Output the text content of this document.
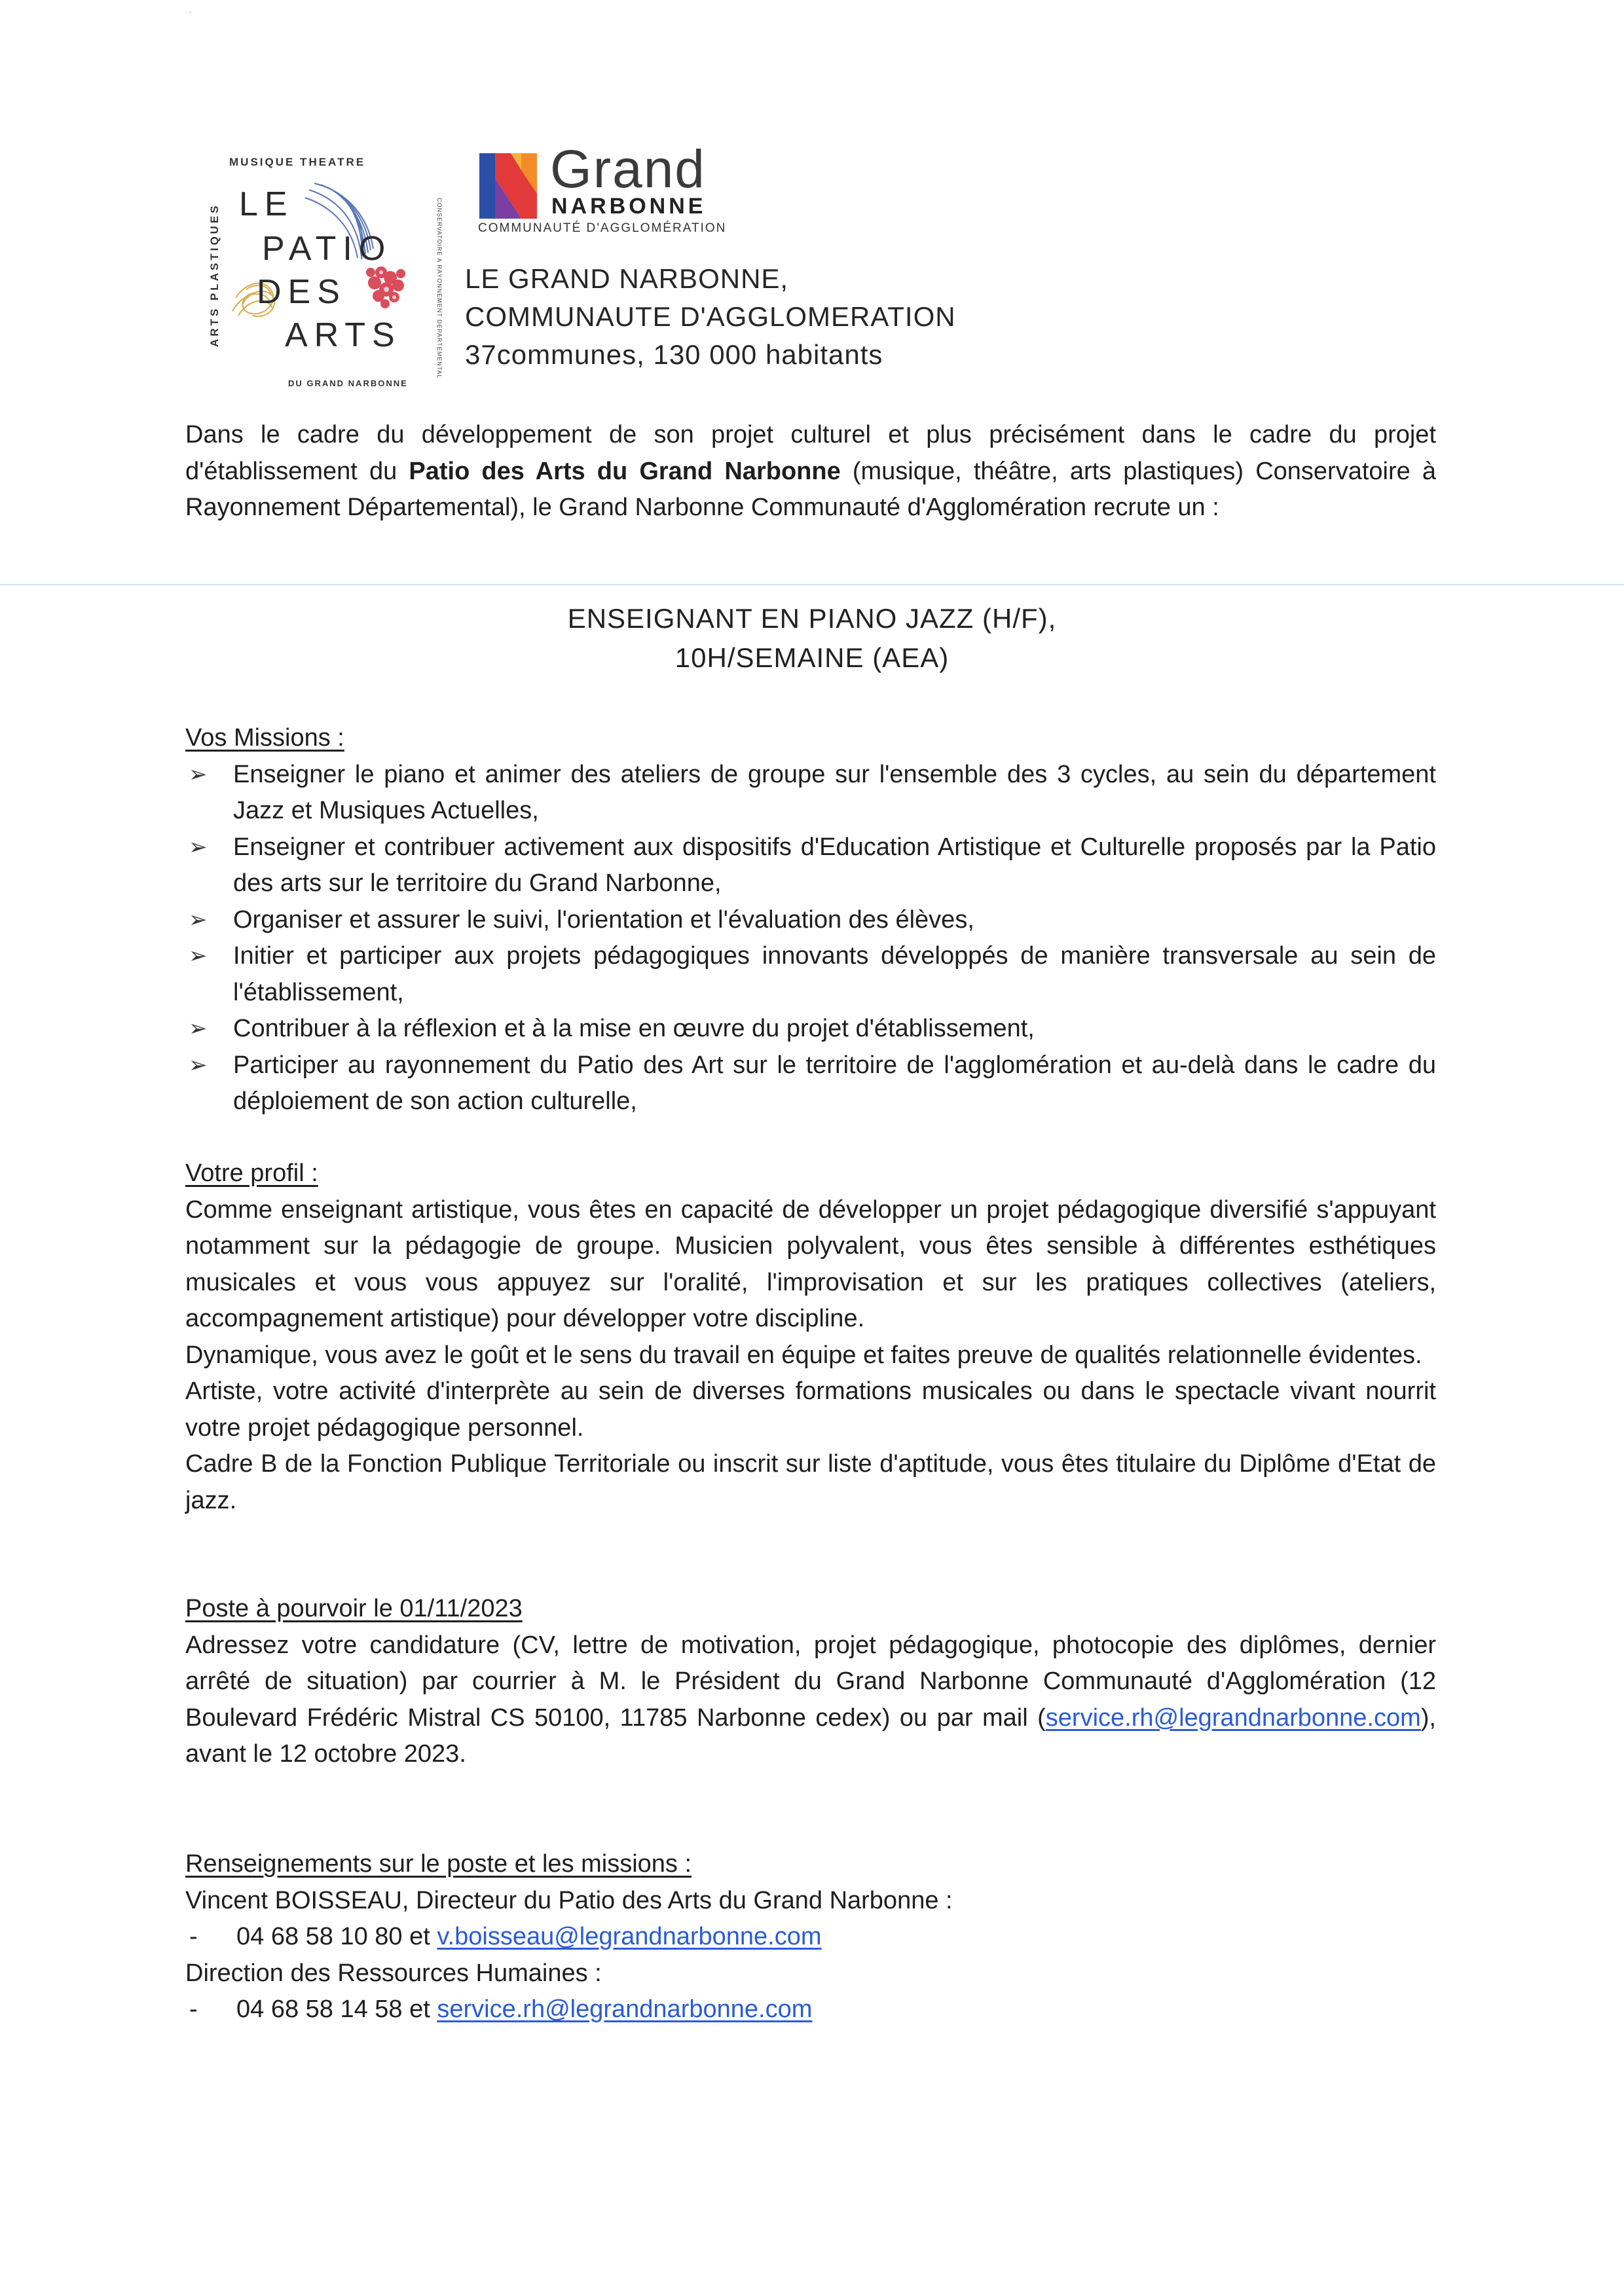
ARTS PLASTIQUES
MUSIQUE THEATRE
LE
PATIO
DES
ARTS
DU GRAND NARBONNE
CONSERVATOIRE A RAYONNEMENT DEPARTEMENTAL
Grand
NARBONNE
COMMUNAUTÉ D'AGGLOMÉRATION
LE GRAND NARBONNE,
COMMUNAUTE D'AGGLOMERATION
37communes, 130 000 habitants
Dans le cadre du développement de son projet culturel et plus précisément dans le cadre du projet d'établissement du Patio des Arts du Grand Narbonne (musique, théâtre, arts plastiques) Conservatoire à Rayonnement Départemental), le Grand Narbonne Communauté d'Agglomération recrute un :
ENSEIGNANT EN PIANO JAZZ (H/F),
10H/SEMAINE (AEA)
Vos Missions :
➢ Enseigner le piano et animer des ateliers de groupe sur l'ensemble des 3 cycles, au sein du département Jazz et Musiques Actuelles,
➢ Enseigner et contribuer activement aux dispositifs d'Education Artistique et Culturelle proposés par la Patio des arts sur le territoire du Grand Narbonne,
➢ Organiser et assurer le suivi, l'orientation et l'évaluation des élèves,
➢ Initier et participer aux projets pédagogiques innovants développés de manière transversale au sein de l'établissement,
➢ Contribuer à la réflexion et à la mise en œuvre du projet d'établissement,
➢ Participer au rayonnement du Patio des Art sur le territoire de l'agglomération et au-delà dans le cadre du déploiement de son action culturelle,
Votre profil :
Comme enseignant artistique, vous êtes en capacité de développer un projet pédagogique diversifié s'appuyant notamment sur la pédagogie de groupe. Musicien polyvalent, vous êtes sensible à différentes esthétiques musicales et vous vous appuyez sur l'oralité, l'improvisation et sur les pratiques collectives (ateliers, accompagnement artistique) pour développer votre discipline.
Dynamique, vous avez le goût et le sens du travail en équipe et faites preuve de qualités relationnelle évidentes.
Artiste, votre activité d'interprète au sein de diverses formations musicales ou dans le spectacle vivant nourrit votre projet pédagogique personnel.
Cadre B de la Fonction Publique Territoriale ou inscrit sur liste d'aptitude, vous êtes titulaire du Diplôme d'Etat de jazz.
Poste à pourvoir le 01/11/2023
Adressez votre candidature (CV, lettre de motivation, projet pédagogique, photocopie des diplômes, dernier arrêté de situation) par courrier à M. le Président du Grand Narbonne Communauté d'Agglomération (12 Boulevard Frédéric Mistral CS 50100, 11785 Narbonne cedex) ou par mail (service.rh@legrandnarbonne.com), avant le 12 octobre 2023.
Renseignements sur le poste et les missions :
Vincent BOISSEAU, Directeur du Patio des Arts du Grand Narbonne :
- 04 68 58 10 80 et v.boisseau@legrandnarbonne.com
Direction des Ressources Humaines :
- 04 68 58 14 58 et service.rh@legrandnarbonne.com
